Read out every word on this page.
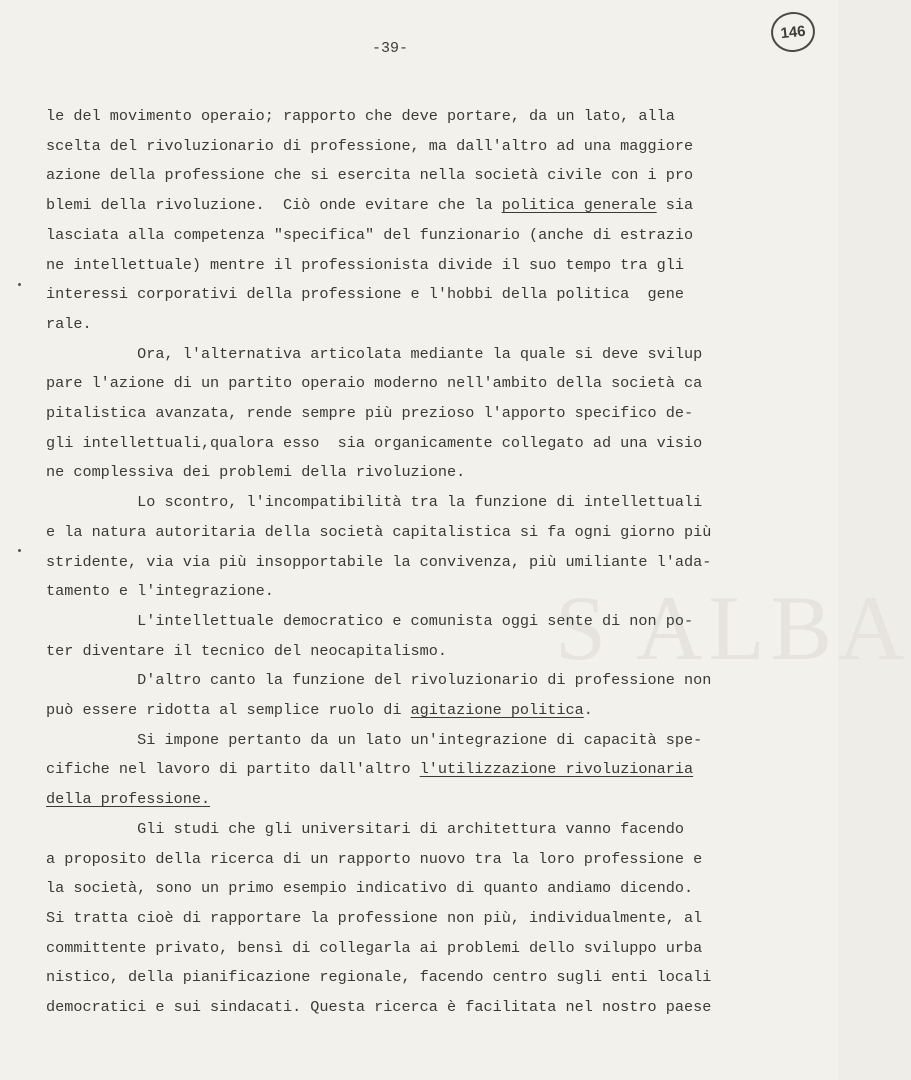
S ALBA
146
-39-
le del movimento operaio; rapporto che deve portare, da un lato, alla
scelta del rivoluzionario di professione, ma dall'altro ad una maggiore
azione della professione che si esercita nella società civile con i pro
blemi della rivoluzione.  Ciò onde evitare che la politica generale sia
lasciata alla competenza "specifica" del funzionario (anche di estrazio
ne intellettuale) mentre il professionista divide il suo tempo tra gli
interessi corporativi della professione e l'hobbi della politica  gene
rale.
Ora, l'alternativa articolata mediante la quale si deve svilup
pare l'azione di un partito operaio moderno nell'ambito della società ca
pitalistica avanzata, rende sempre più prezioso l'apporto specifico de-
gli intellettuali,qualora esso  sia organicamente collegato ad una visio
ne complessiva dei problemi della rivoluzione.
Lo scontro, l'incompatibilità tra la funzione di intellettuali
e la natura autoritaria della società capitalistica si fa ogni giorno più
stridente, via via più insopportabile la convivenza, più umiliante l'ada-
tamento e l'integrazione.
L'intellettuale democratico e comunista oggi sente di non po-
ter diventare il tecnico del neocapitalismo.
D'altro canto la funzione del rivoluzionario di professione non
può essere ridotta al semplice ruolo di agitazione politica.
Si impone pertanto da un lato un'integrazione di capacità spe-
cifiche nel lavoro di partito dall'altro l'utilizzazione rivoluzionaria
della professione.
Gli studi che gli universitari di architettura vanno facendo
a proposito della ricerca di un rapporto nuovo tra la loro professione e
la società, sono un primo esempio indicativo di quanto andiamo dicendo.
Si tratta cioè di rapportare la professione non più, individualmente, al
committente privato, bensì di collegarla ai problemi dello sviluppo urba
nistico, della pianificazione regionale, facendo centro sugli enti locali
democratici e sui sindacati. Questa ricerca è facilitata nel nostro paese
